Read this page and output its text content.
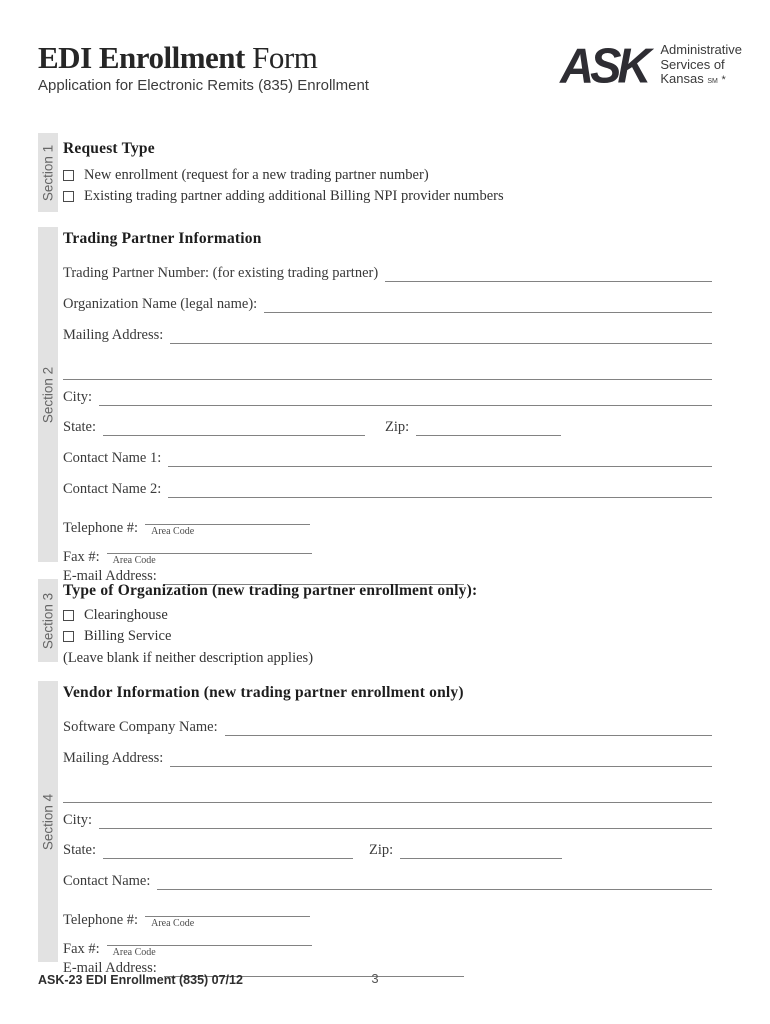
EDI Enrollment Form
Application for Electronic Remits (835) Enrollment	ASK	Administrative
Services of
Kansas SM *
Section 1 Request Type
New enrollment (request for a new trading partner number)
Existing trading partner adding additional Billing NPI provider numbers
Section 2
Trading Partner Information
Trading Partner Number: (for existing trading partner)
Organization Name (legal name):
Mailing Address:
City:
State:	Zip:
Contact Name 1:
Contact Name 2:
Telephone #:	Area Code
Fax #:	Area Code
E-mail Address:
Section 3
Type of Organization (new trading partner enrollment only):
Clearinghouse
Billing Service
(Leave blank if neither description applies)
Section 4
Vendor Information (new trading partner enrollment only)
Software Company Name:
Mailing Address:
City:
State:	Zip:
Contact Name:
Telephone #:	Area Code
Fax #:	Area Code
E-mail Address:
3
ASK-23 EDI Enrollment (835) 07/12
